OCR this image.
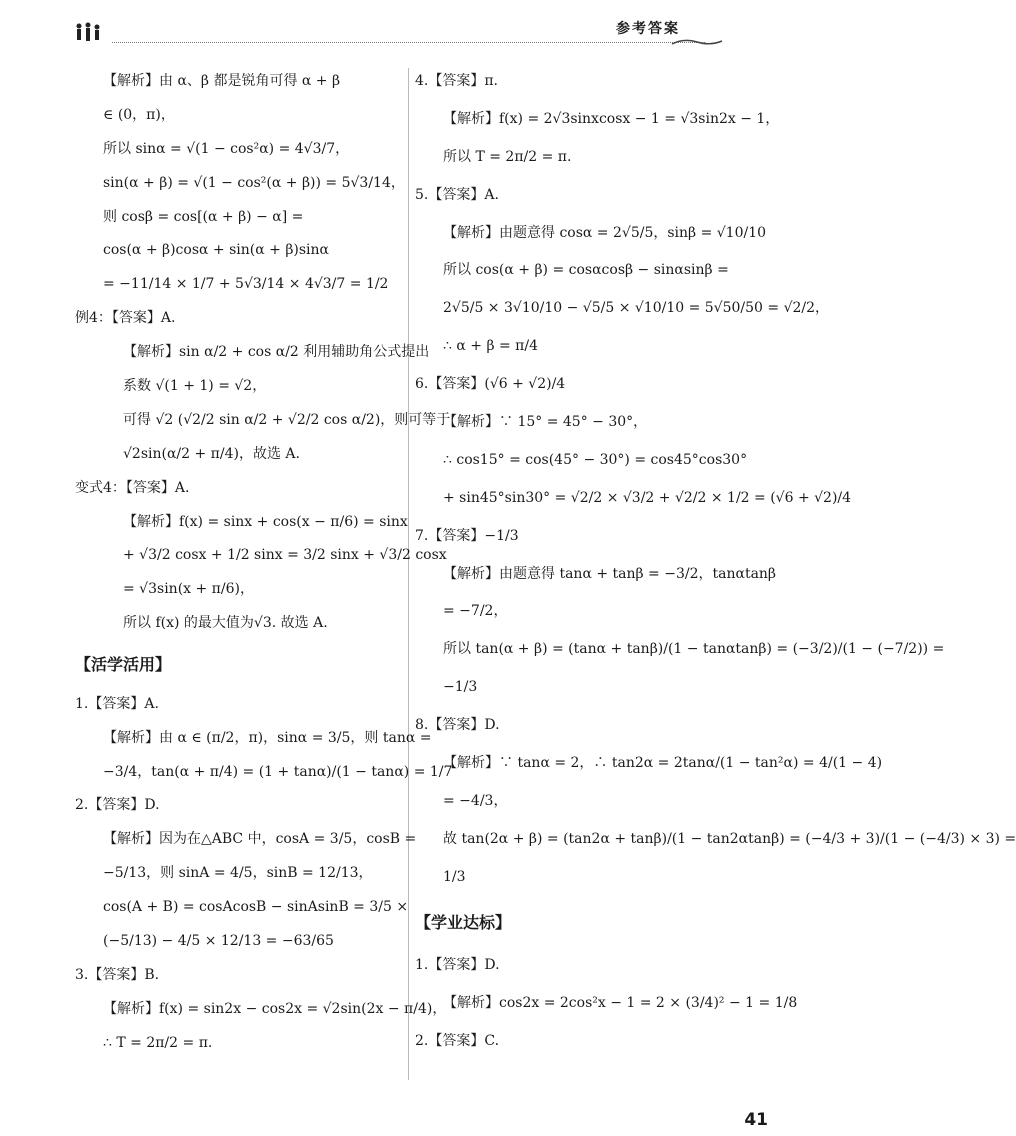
参考答案
【解析】由 α、β 都是锐角可得 α + β
∈ (0，π)，
所以 sinα = √(1 − cos²α) = 4√3/7，
sin(α + β) = √(1 − cos²(α + β)) = 5√3/14，
则 cosβ = cos[(α + β) − α] =
cos(α + β)cosα + sin(α + β)sinα
= −11/14 × 1/7 + 5√3/14 × 4√3/7 = 1/2
例4：【答案】A.
【解析】sin α/2 + cos α/2 利用辅助角公式提出
系数 √(1 + 1) = √2，
可得 √2 (√2/2 sin α/2 + √2/2 cos α/2)，则可等于
√2sin(α/2 + π/4)，故选 A.
变式4：【答案】A.
【解析】f(x) = sinx + cos(x − π/6) = sinx
+ √3/2 cosx + 1/2 sinx = 3/2 sinx + √3/2 cosx
= √3sin(x + π/6)，
所以 f(x) 的最大值为√3. 故选 A.
【活学活用】
1.【答案】A.
【解析】由 α ∈ (π/2，π)，sinα = 3/5，则 tanα =
−3/4，tan(α + π/4) = (1 + tanα)/(1 − tanα) = 1/7
2.【答案】D.
【解析】因为在△ABC 中，cosA = 3/5，cosB =
−5/13，则 sinA = 4/5，sinB = 12/13，
cos(A + B) = cosAcosB − sinAsinB = 3/5 ×
(−5/13) − 4/5 × 12/13 = −63/65
3.【答案】B.
【解析】f(x) = sin2x − cos2x = √2sin(2x − π/4)，
∴ T = 2π/2 = π.
4.【答案】π.
【解析】f(x) = 2√3sinxcosx − 1 = √3sin2x − 1，
所以 T = 2π/2 = π.
5.【答案】A.
【解析】由题意得 cosα = 2√5/5，sinβ = √10/10
所以 cos(α + β) = cosαcosβ − sinαsinβ =
2√5/5 × 3√10/10 − √5/5 × √10/10 = 5√50/50 = √2/2，
∴ α + β = π/4
6.【答案】(√6 + √2)/4
【解析】∵ 15° = 45° − 30°，
∴ cos15° = cos(45° − 30°) = cos45°cos30°
+ sin45°sin30° = √2/2 × √3/2 + √2/2 × 1/2 = (√6 + √2)/4
7.【答案】−1/3
【解析】由题意得 tanα + tanβ = −3/2，tanαtanβ
= −7/2，
所以 tan(α + β) = (tanα + tanβ)/(1 − tanαtanβ) = (−3/2)/(1 − (−7/2)) =
−1/3
8.【答案】D.
【解析】∵ tanα = 2，∴ tan2α = 2tanα/(1 − tan²α) = 4/(1 − 4)
= −4/3，
故 tan(2α + β) = (tan2α + tanβ)/(1 − tan2αtanβ) = (−4/3 + 3)/(1 − (−4/3) × 3) =
1/3
【学业达标】
1.【答案】D.
【解析】cos2x = 2cos²x − 1 = 2 × (3/4)² − 1 = 1/8
2.【答案】C.
41
